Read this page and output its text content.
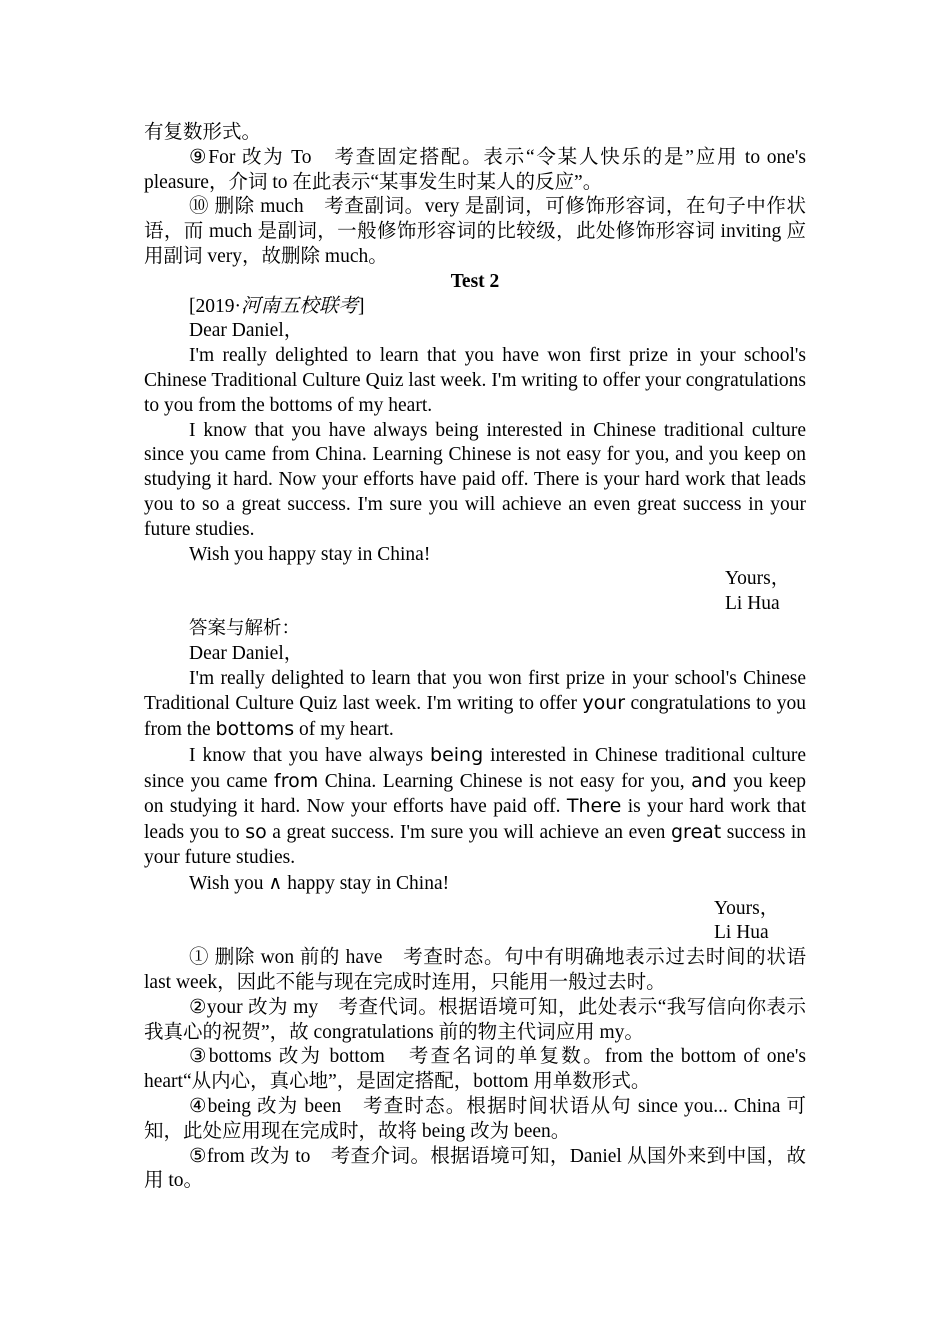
有复数形式。

⑨For 改为 To　考查固定搭配。表示“令某人快乐的是”应用 to one's pleasure，介词 to 在此表示“某事发生时某人的反应”。

⑩ 删除 much　考查副词。very 是副词，可修饰形容词，在句子中作状语，而 much 是副词，一般修饰形容词的比较级，此处修饰形容词 inviting 应用副词 very，故删除 much。

Test 2

[2019·河南五校联考]

Dear Daniel，

I'm really delighted to learn that you have won first prize in your school's Chinese Traditional Culture Quiz last week. I'm writing to offer your congratulations to you from the bottoms of my heart.

I know that you have always being interested in Chinese traditional culture since you came from China. Learning Chinese is not easy for you, and you keep on studying it hard. Now your efforts have paid off. There is your hard work that leads you to so a great success. I'm sure you will achieve an even great success in your future studies.

Wish you happy stay in China!

Yours，

Li Hua

答案与解析：

Dear Daniel，

I'm really delighted to learn that you won first prize in your school's Chinese Traditional Culture Quiz last week. I'm writing to offer your congratulations to you from the bottoms of my heart.

I know that you have always being interested in Chinese traditional culture since you came from China. Learning Chinese is not easy for you, and you keep on studying it hard. Now your efforts have paid off. There is your hard work that leads you to so a great success. I'm sure you will achieve an even great success in your future studies.

Wish you ∧ happy stay in China!

Yours，

Li Hua

① 删除 won 前的 have　考查时态。句中有明确地表示过去时间的状语 last week，因此不能与现在完成时连用，只能用一般过去时。

②your 改为 my　考查代词。根据语境可知，此处表示“我写信向你表示我真心的祝贺”，故 congratulations 前的物主代词应用 my。

③bottoms 改为 bottom　考查名词的单复数。from the bottom of one's heart“从内心，真心地”，是固定搭配，bottom 用单数形式。

④being 改为 been　考查时态。根据时间状语从句 since you... China 可知，此处应用现在完成时，故将 being 改为 been。

⑤from 改为 to　考查介词。根据语境可知，Daniel 从国外来到中国，故用 to。
